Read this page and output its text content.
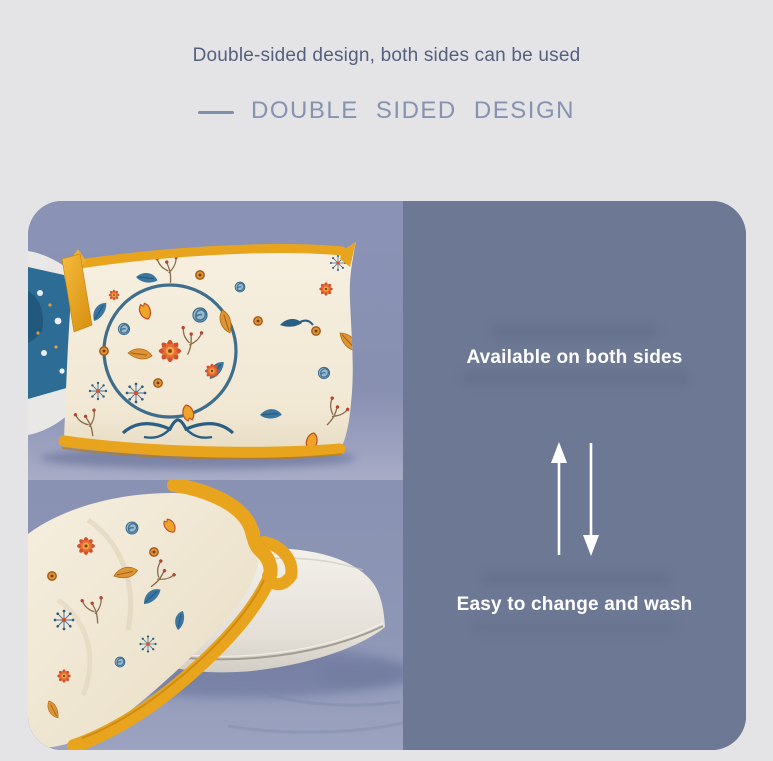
Double-sided design, both sides can be used
DOUBLE SIDED DESIGN
Available on both sides
Easy to change and wash
